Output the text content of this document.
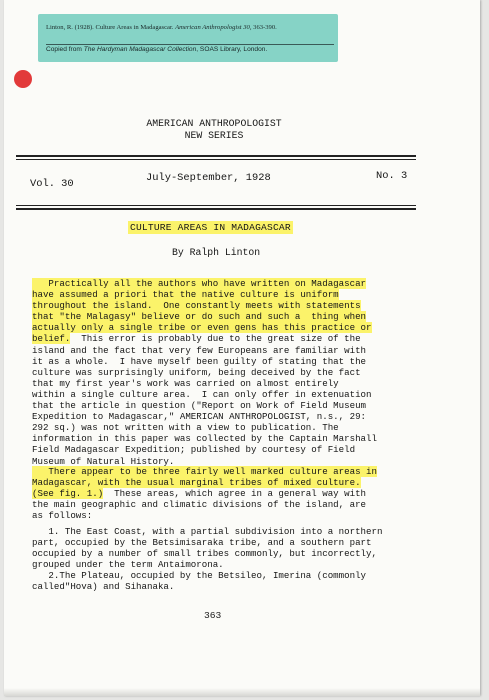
Linton, R. (1928). Culture Areas in Madagascar. American Anthropologist 30, 363-390.
Copied from The Hardyman Madagascar Collection, SOAS Library, London.
AMERICAN ANTHROPOLOGIST
NEW SERIES
Vol. 30	July-September, 1928	No. 3
CULTURE AREAS IN MADAGASCAR
By Ralph Linton
Practically all the authors who have written on Madagascar
have assumed a priori that the native culture is uniform
throughout the island.  One constantly meets with statements
that "the Malagasy" believe or do such and such a  thing when
actually only a single tribe or even gens has this practice or
belief.  This error is probably due to the great size of the
island and the fact that very few Europeans are familiar with
it as a whole.  I have myself been guilty of stating that the
culture was surprisingly uniform, being deceived by the fact
that my first year's work was carried on almost entirely
within a single culture area.  I can only offer in extenuation
that the article in question ("Report on Work of Field Museum
Expedition to Madagascar," AMERICAN ANTHROPOLOGIST, n.s., 29:
292 sq.) was not written with a view to publication. The
information in this paper was collected by the Captain Marshall
Field Madagascar Expedition; published by courtesy of Field
Museum of Natural History.
There appear to be three fairly well marked culture areas in
Madagascar, with the usual marginal tribes of mixed culture.
(See fig. 1.)  These areas, which agree in a general way with
the main geographic and climatic divisions of the island, are
as follows:
1. The East Coast, with a partial subdivision into a northern
part, occupied by the Betsimisaraka tribe, and a southern part
occupied by a number of small tribes commonly, but incorrectly,
grouped under the term Antaimorona.
2.The Plateau, occupied by the Betsileo, Imerina (commonly
called"Hova) and Sihanaka.
363
